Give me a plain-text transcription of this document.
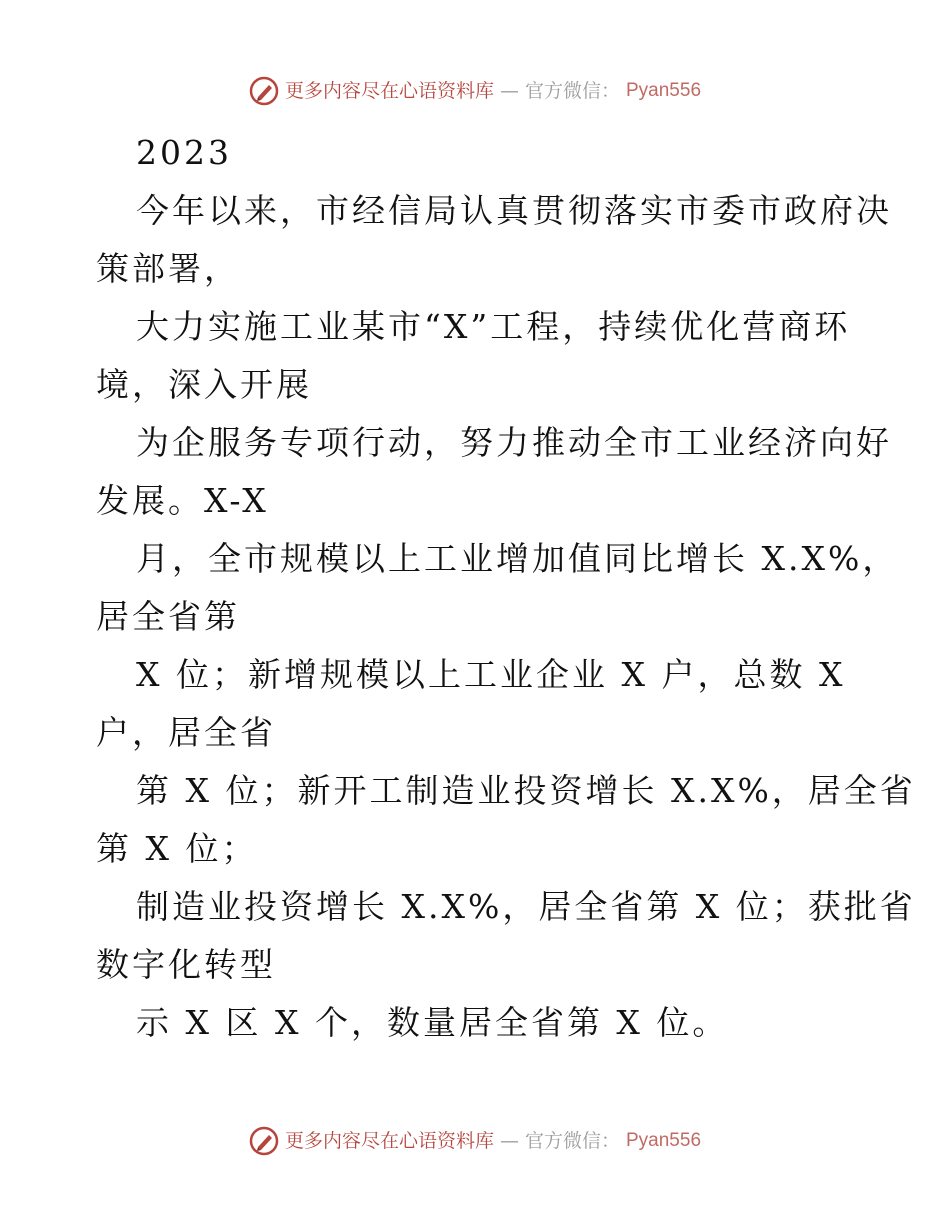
更多内容尽在心语资料库 — 官方微信： Pyan556
2023
今年以来，市经信局认真贯彻落实市委市政府决
策部署，
大力实施工业某市“X”工程，持续优化营商环
境，深入开展
为企服务专项行动，努力推动全市工业经济向好
发展。X-X
月，全市规模以上工业增加值同比增长 X.X%，
居全省第
X 位；新增规模以上工业企业 X 户，总数 X
户，居全省
第 X 位；新开工制造业投资增长 X.X%，居全省
第 X 位；
制造业投资增长 X.X%，居全省第 X 位；获批省
数字化转型
示 X 区 X 个，数量居全省第 X 位。
更多内容尽在心语资料库 — 官方微信： Pyan556
